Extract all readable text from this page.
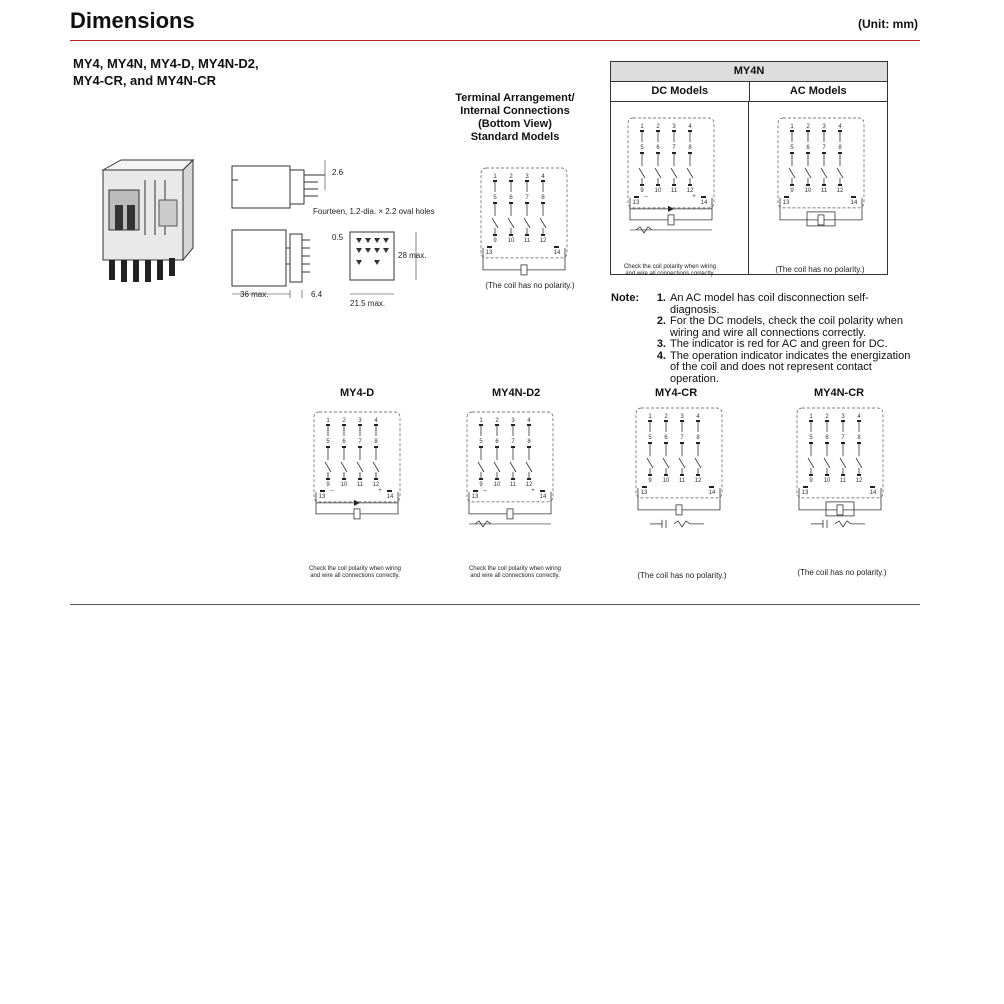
Dimensions	(Unit: mm)
MY4, MY4N, MY4-D, MY4N-D2,
MY4-CR, and MY4N-CR
2.6
Fourteen, 1.2-dia. × 2.2 oval holes
0.5
28 max.
36 max.	6.4
21.5 max.
Terminal Arrangement/
Internal Connections
(Bottom View)
Standard Models
1
5
9
2
6
10
3
7
11
4
8
12
13	14
(The coil has no polarity.)
MY4N
DC Models	AC Models
1
5
9
2
6
10
3
7
11
4
8
12
13	14
–	+
1
5
9
2
6
10
3
7
11
4
8
12
13	14
Check the coil polarity when wiring
and wire all connections correctly.	(The coil has no polarity.)
Note:	1. An AC model has coil disconnection self-diagnosis.
2. For the DC models, check the coil polarity when wiring and wire all connections correctly.
3. The indicator is red for AC and green for DC.
4. The operation indicator indicates the energization of the coil and does not represent contact operation.
MY4-D	MY4N-D2	MY4-CR	MY4N-CR
1
5
9
2
6
10
3
7
11
4
8
12
13	14
–	+
1
5
9
2
6
10
3
7
11
4
8
12
13	14
–	+
1
5
9
2
6
10
3
7
11
4
8
12
13	14
1
5
9
2
6
10
3
7
11
4
8
12
13	14
Check the coil polarity when wiring
and wire all connections correctly.
Check the coil polarity when wiring
and wire all connections correctly.	(The coil has no polarity.)	(The coil has no polarity.)
